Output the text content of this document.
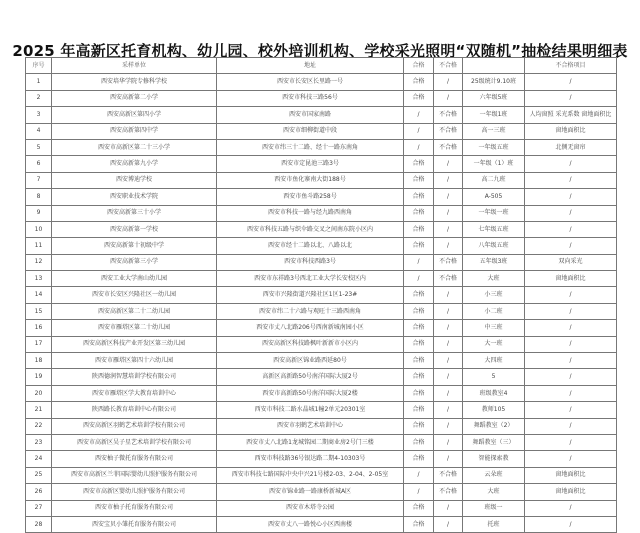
2025 年高新区托育机构、幼儿园、校外培训机构、学校采光照明“双随机”抽检结果明细表
序号	采样单位	地址	合格	不合格		不合格项目
1	西安培华学院专修科学校	西安市长安区长里路一号	合格	/	25级统计9.10班	/
2	西安高新第二小学	西安市科技三路56号	合格	/	六年级5班	/
3	西安高新区第四小学	西安市国家南路	/	不合格	一年级1班	人均窗照 采光系数 窗地面积比
4	西安高新第四中学	西安市细柳街道中段	/	不合格	高一三班	窗地面积比
5	西安市高新区第二十三小学	西安市纬三十二路、经十一路东南角	/	不合格	一年级五班	北侧无窗帘
6	西安高新第九小学	西安市定昆池三路3号	合格	/	一年级（1）班	/
7	西安博迪学校	西安市鱼化寨南大街188号	合格	/	高二九班	/
8	西安职业技术学院	西安市鱼斗路258号	合格	/	A-505	/
9	西安高新第三十小学	西安市科技一路与经九路西南角	合格	/	一年级一班	/
10	西安高新第一学校	西安市科技五路与织伞路交叉之间南东院小区内	合格	/	七年级五班	/
11	西安高新第十初级中学	西安市经十二路以北、八路以北	合格	/	八年级五班	/
12	西安高新第三小学	西安市科技西路3号	/	不合格	五年级3班	双向采光
13	西安工业大学南山幼儿园	西安市东祥路3号西北工业大学长安校区内	/	不合格	大班	窗地面积比
14	西安市长安区兴隆社区一幼儿园	西安市兴隆街道兴隆社区1区1-23#	合格	/	小三班	/
15	西安高新区第二十二幼儿园	西安市纬二十六路与观旺十三路西南角	合格	/	小二班	/
16	西安市雁塔区第二十幼儿园	西安市丈八北路206号西南新城南园小区	合格	/	中三班	/
17	西安高新区科技产业开发区第三幼儿园	西安高新区科技路枫叶新新市小区内	合格	/	大一班	/
18	西安市雁塔区第四十六幼儿园	西安高新区锦业路西延80号	合格	/	大四班	/
19	陕西德润智慧培训学校有限公司	高新区高新路50号南洋国际大厦2号	合格	/	5	/
20	西安市雁塔区学大教育培训中心	西安市高新路50号南洋国际大厦2楼	合格	/	班级教室4	/
21	陕西路长教育培训中心有限公司	西安市科技二路水晶城1幢2单元20301室	合格	/	教师105	/
22	西安高新区羽鹤艺术培训学校有限公司	西安市羽鹤艺术培训中心	合格	/	舞蹈教室（2）	/
23	西安市高新区吴子星艺术培训学校有限公司	西安市丈八北路1龙城铭园二期商业房2号门三楼	合格	/	舞蹈教室（三）	/
24	西安柚子微托育服务有限公司	西安市科技路36号银达路二期4-10303号	合格	/	智能探索教	/
25	西安市高新区兰菲国际婴幼儿照护服务有限公司	西安市科技七路国际中央中兴21号楼2-03、2-04、2-05室	/	不合格	云朵班	窗地面积比
26	西安市高新区婴幼儿照护服务有限公司	西安市锦业路一路康桥新城A区	/	不合格	大班	窗地面积比
27	西安市柚子托育服务有限公司	西安市木塔寺公园	合格	/	班级一	/
28	西安宝贝小雏托育服务有限公司	西安市丈八一路悦心小区西南楼	合格	/	托班	/
